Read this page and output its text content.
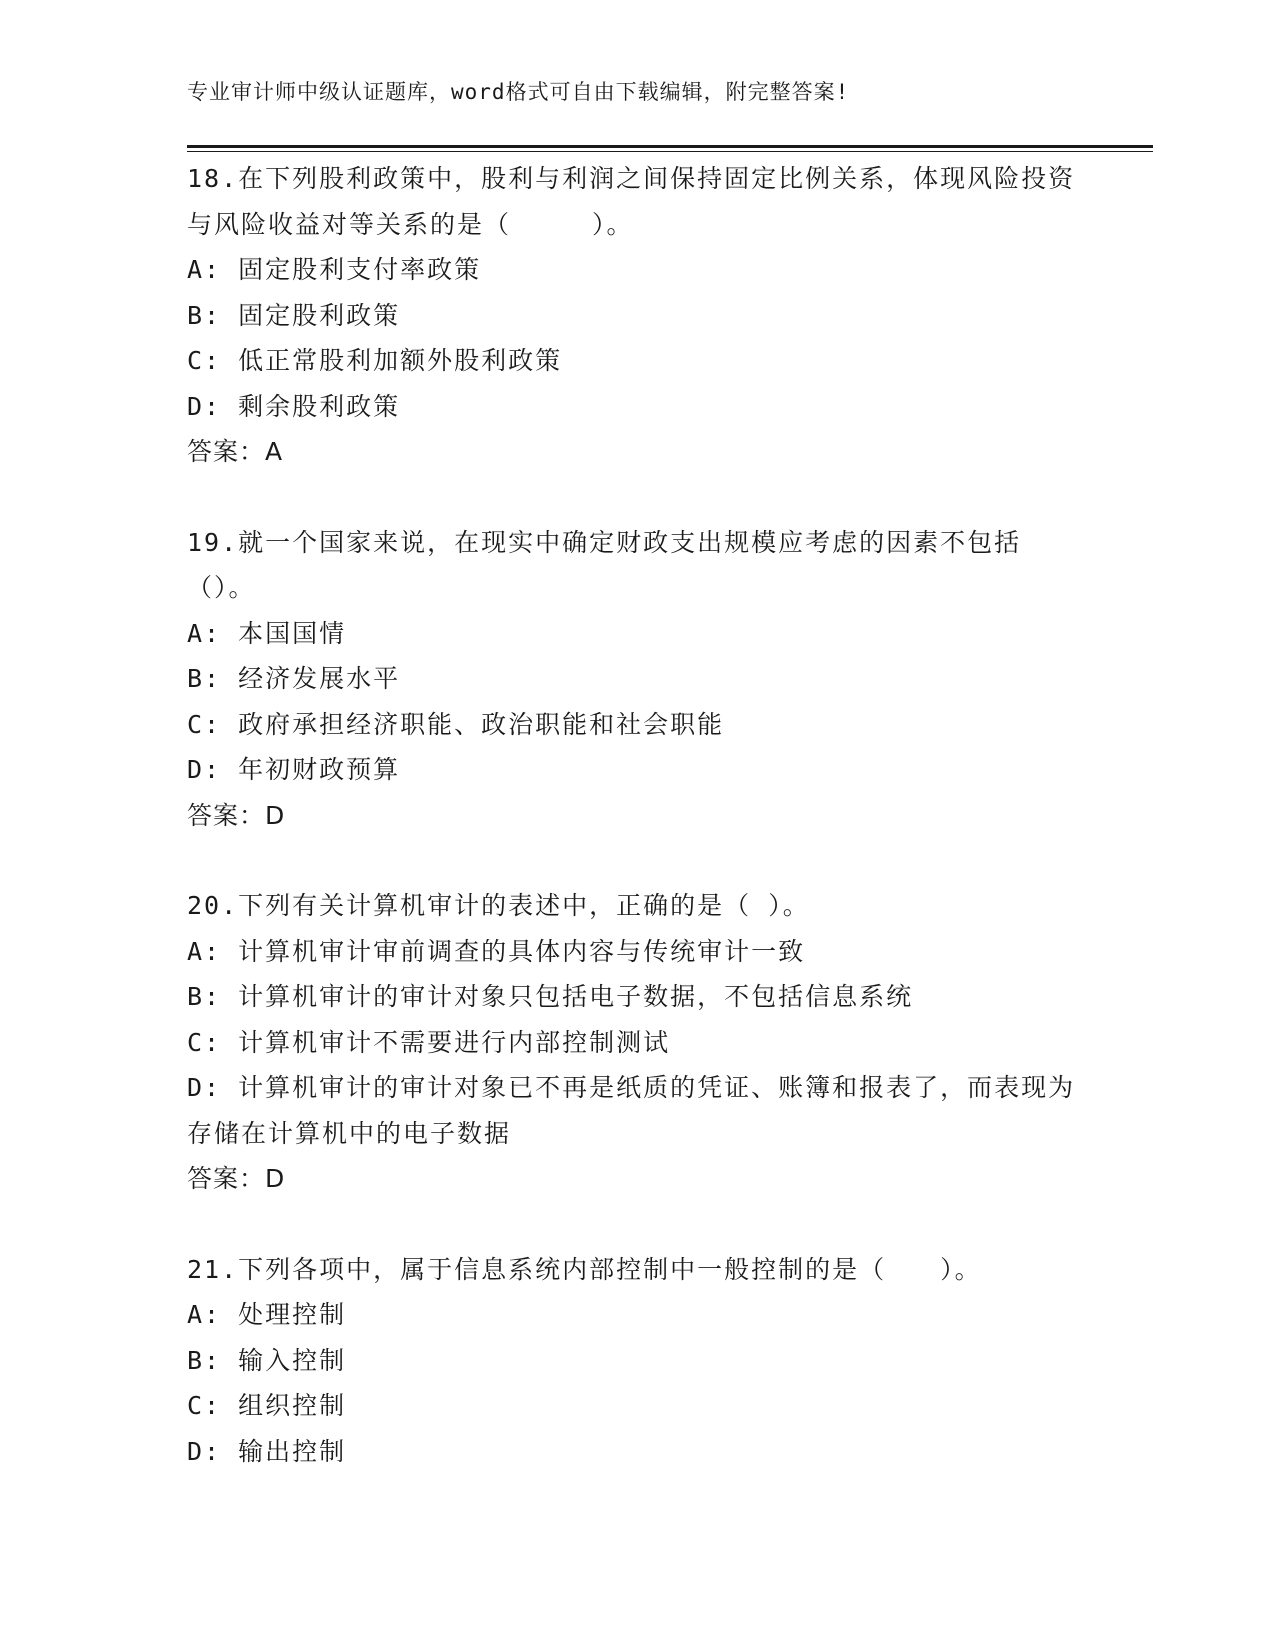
专业审计师中级认证题库，word格式可自由下载编辑，附完整答案!

18.在下列股利政策中，股利与利润之间保持固定比例关系，体现风险投资与风险收益对等关系的是（　　　）。

A: 固定股利支付率政策

B: 固定股利政策

C: 低正常股利加额外股利政策

D: 剩余股利政策

答案：A

19.就一个国家来说，在现实中确定财政支出规模应考虑的因素不包括（）。

A: 本国国情

B: 经济发展水平

C: 政府承担经济职能、政治职能和社会职能

D: 年初财政预算

答案：D

20.下列有关计算机审计的表述中，正确的是（ ）。

A: 计算机审计审前调查的具体内容与传统审计一致

B: 计算机审计的审计对象只包括电子数据，不包括信息系统

C: 计算机审计不需要进行内部控制测试

D: 计算机审计的审计对象已不再是纸质的凭证、账簿和报表了，而表现为存储在计算机中的电子数据

答案：D

21.下列各项中，属于信息系统内部控制中一般控制的是（　　）。

A: 处理控制

B: 输入控制

C: 组织控制

D: 输出控制
